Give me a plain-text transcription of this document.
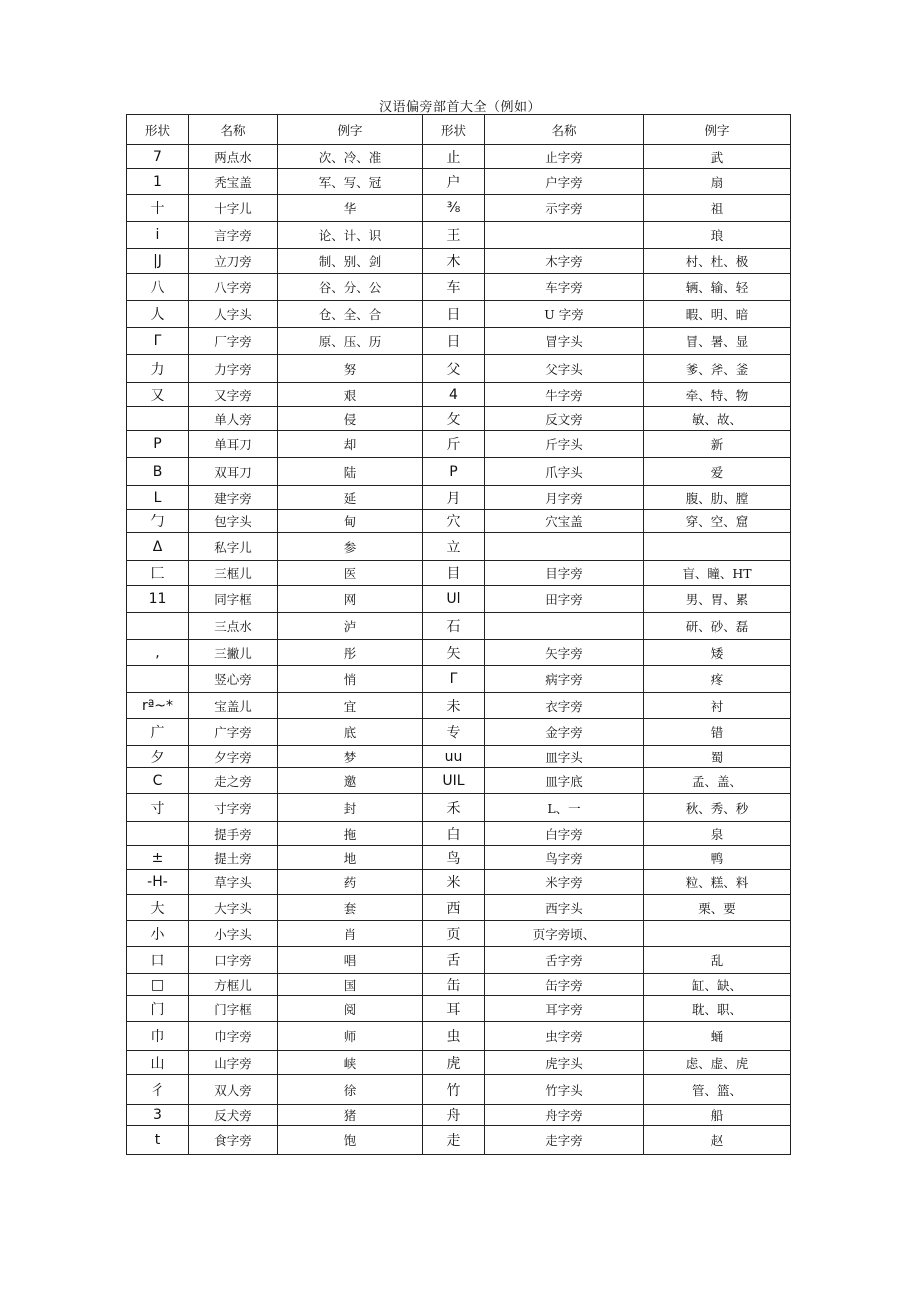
汉语偏旁部首大全（例如）
形状	名称	例字	形状	名称	例字
7	两点水	次、冷、准	止	止字旁	武
1	秃宝盖	军、写、冠	户	户字旁	扇
十	十字儿	华	⅜	示字旁	祖
i	言字旁	论、计、识	王		琅
|J	立刀旁	制、别、剑	木	木字旁	村、杜、极
八	八字旁	谷、分、公	车	车字旁	辆、输、轻
人	人字头	仓、全、合	日	U 字旁	暇、明、暗
Γ	厂字旁	原、压、历	日	冒字头	冒、暑、显
力	力字旁	努	父	父字头	爹、斧、釜
又	又字旁	艰	4	牛字旁	牵、特、物
	单人旁	侵	攵	反文旁	敏、故、
P	单耳刀	却	斤	斤字头	新
B	双耳刀	陆	P	爪字头	爱
L	建字旁	延	月	月字旁	腹、肋、膛
勹	包字头	甸	穴	穴宝盖	穿、空、窟
Δ	私字儿	参	立		
匚	三框儿	医	目	目字旁	盲、瞳、HT
11	同字框	网	Ul	田字旁	男、胃、累
	三点水	泸	石		研、砂、磊
,	三撇儿	彤	矢	矢字旁	矮
	竖心旁	悄	Γ	病字旁	疼
rª~*	宝盖儿	宜	未	衣字旁	衬
广	广字旁	底	专	金字旁	错
夕	夕字旁	梦	uu	皿字头	蜀
C	走之旁	邀	UIL	皿字底	孟、盖、
寸	寸字旁	封	禾	L、一	秋、秀、秒
	提手旁	拖	白	白字旁	泉
±	提土旁	地	鸟	鸟字旁	鸭
-H-	草字头	药	米	米字旁	粒、糕、料
大	大字头	套	西	西字头	栗、要
小	小字头	肖	页	页字旁顷、	
口	口字旁	唱	舌	舌字旁	乱
□	方框儿	国	缶	缶字旁	缸、缺、
门	门字框	阅	耳	耳字旁	耽、职、
巾	巾字旁	师	虫	虫字旁	蛹
山	山字旁	峡	虎	虎字头	虑、虚、虎
彳	双人旁	徐	竹	竹字头	管、篮、
3	反犬旁	猪	舟	舟字旁	船
t	食字旁	饱	走	走字旁	赵
